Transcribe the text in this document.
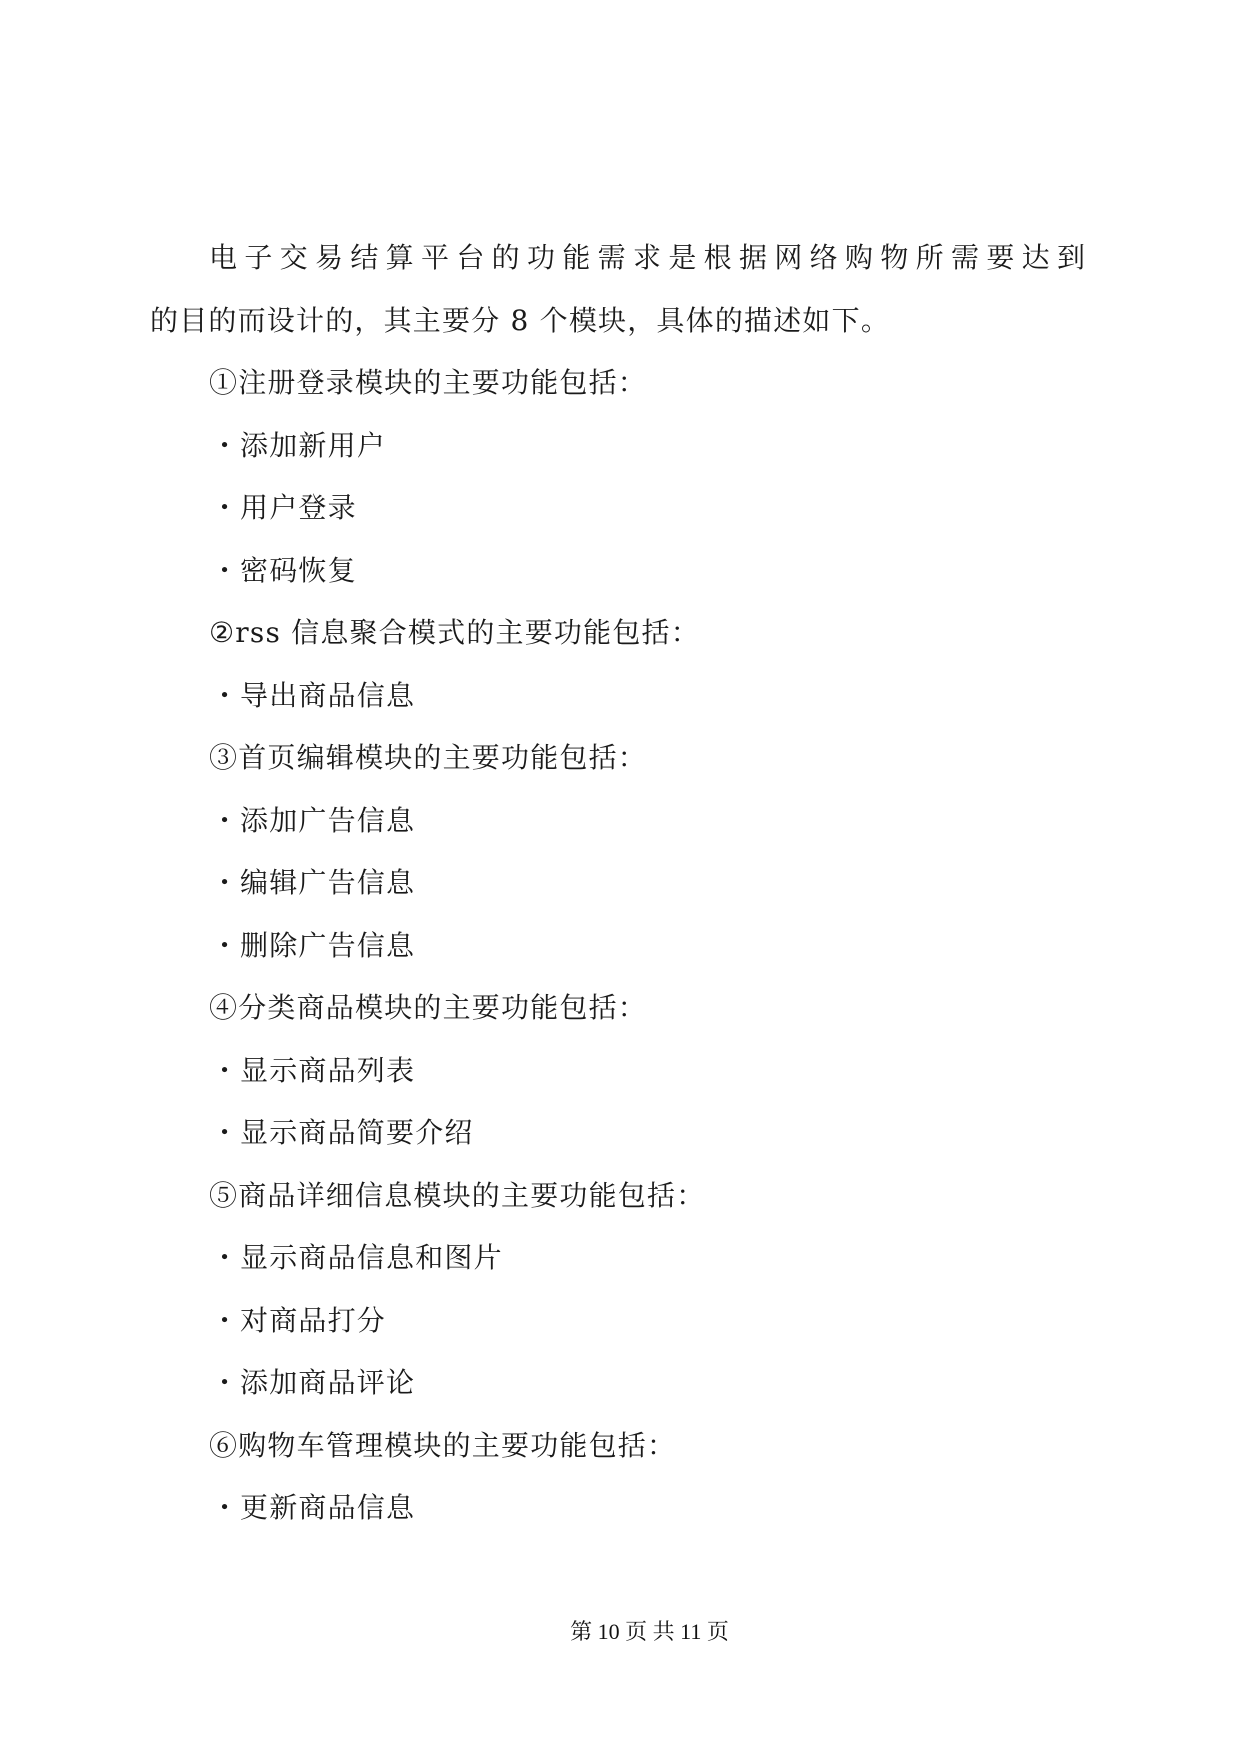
电子交易结算平台的功能需求是根据网络购物所需要达到
的目的而设计的，其主要分 8 个模块，具体的描述如下。
①注册登录模块的主要功能包括：
• 添加新用户
• 用户登录
• 密码恢复
②rss 信息聚合模式的主要功能包括：
• 导出商品信息
③首页编辑模块的主要功能包括：
• 添加广告信息
• 编辑广告信息
• 删除广告信息
④分类商品模块的主要功能包括：
• 显示商品列表
• 显示商品简要介绍
⑤商品详细信息模块的主要功能包括：
• 显示商品信息和图片
• 对商品打分
• 添加商品评论
⑥购物车管理模块的主要功能包括：
• 更新商品信息
第 10 页 共 11 页
